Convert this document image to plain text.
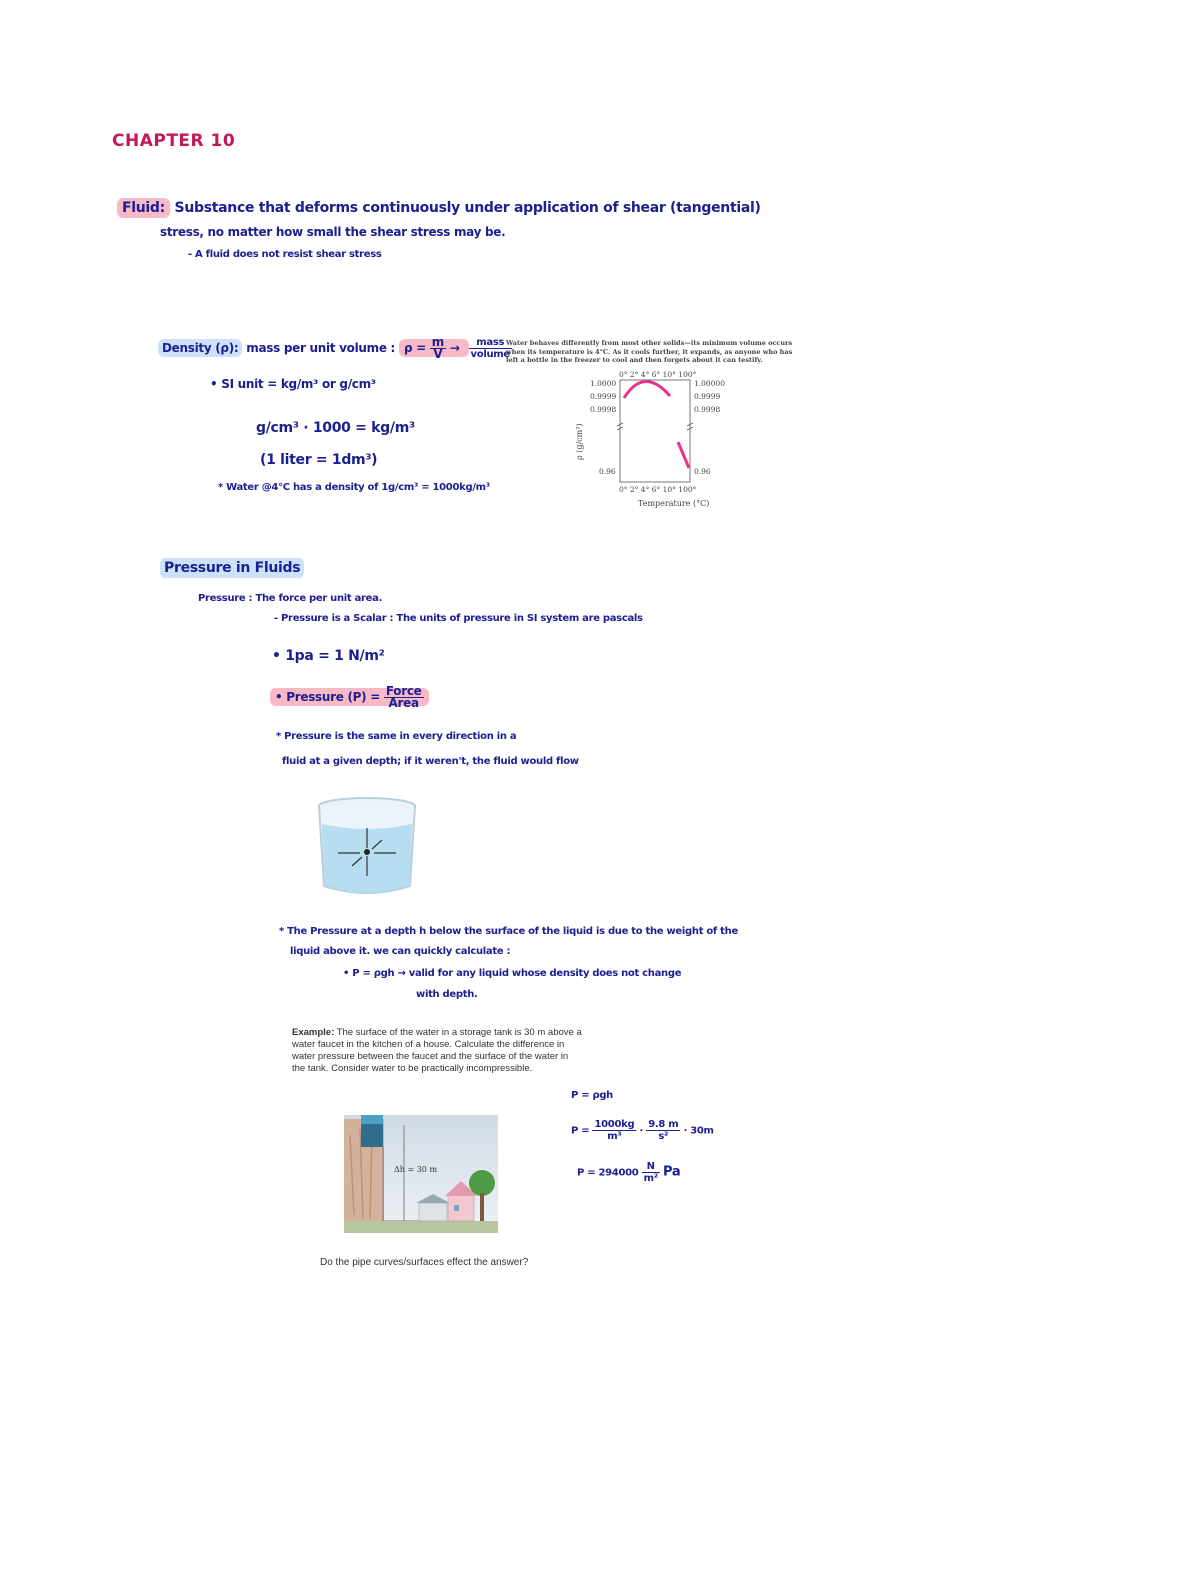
CHAPTER 10
Fluid: Substance that deforms continuously under application of shear (tangential)
stress, no matter how small the shear stress may be.
- A fluid does not resist shear stress
Density (ρ): mass per unit volume : $\rho = \frac{m}{V} \to \frac{\text{mass}}{\text{volume}}$
• SI unit = kg/m³ or g/cm³
g/cm³ · 1000 = kg/m³
(1 liter = 1dm³)
* Water @4°C has a density of 1g/cm³ = 1000kg/m³
Water behaves differently from most other solids—its minimum volume occurs when its temperature is 4°C. As it cools further, it expands, as anyone who has left a bottle in the freezer to cool and then forgets about it can testify.
0° 2° 4° 6° 10° 100°
0° 2° 4° 6° 10° 100°
1.0000
0.9999
0.9998
0.96
1.00000
0.9999
0.9998
0.96
Temperature (°C)
ρ (g/cm³)
Pressure in Fluids
Pressure : The force per unit area.
- Pressure is a Scalar : The units of pressure in SI system are pascals
• 1pa = 1 N/m²
• Pressure $(P) = \frac{\text{Force}}{\text{Area}}$
* Pressure is the same in every direction in a
fluid at a given depth; if it weren't, the fluid would flow
* The Pressure at a depth h below the surface of the liquid is due to the weight of the
liquid above it. we can quickly calculate :
• P = ρgh → valid for any liquid whose density does not change
with depth.
Example: The surface of the water in a storage tank is 30 m above a water faucet in the kitchen of a house. Calculate the difference in water pressure between the faucet and the surface of the water in the tank. Consider water to be practically incompressible.
Δh = 30 m
Do the pipe curves/surfaces effect the answer?
P = ρgh
$P = \frac{1000kg}{\text{m³}} \cdot \frac{9.8 m}{\text{s²}} \cdot 30m$
$P = 294000 \frac{N}{\text{m²}}$ Pa
